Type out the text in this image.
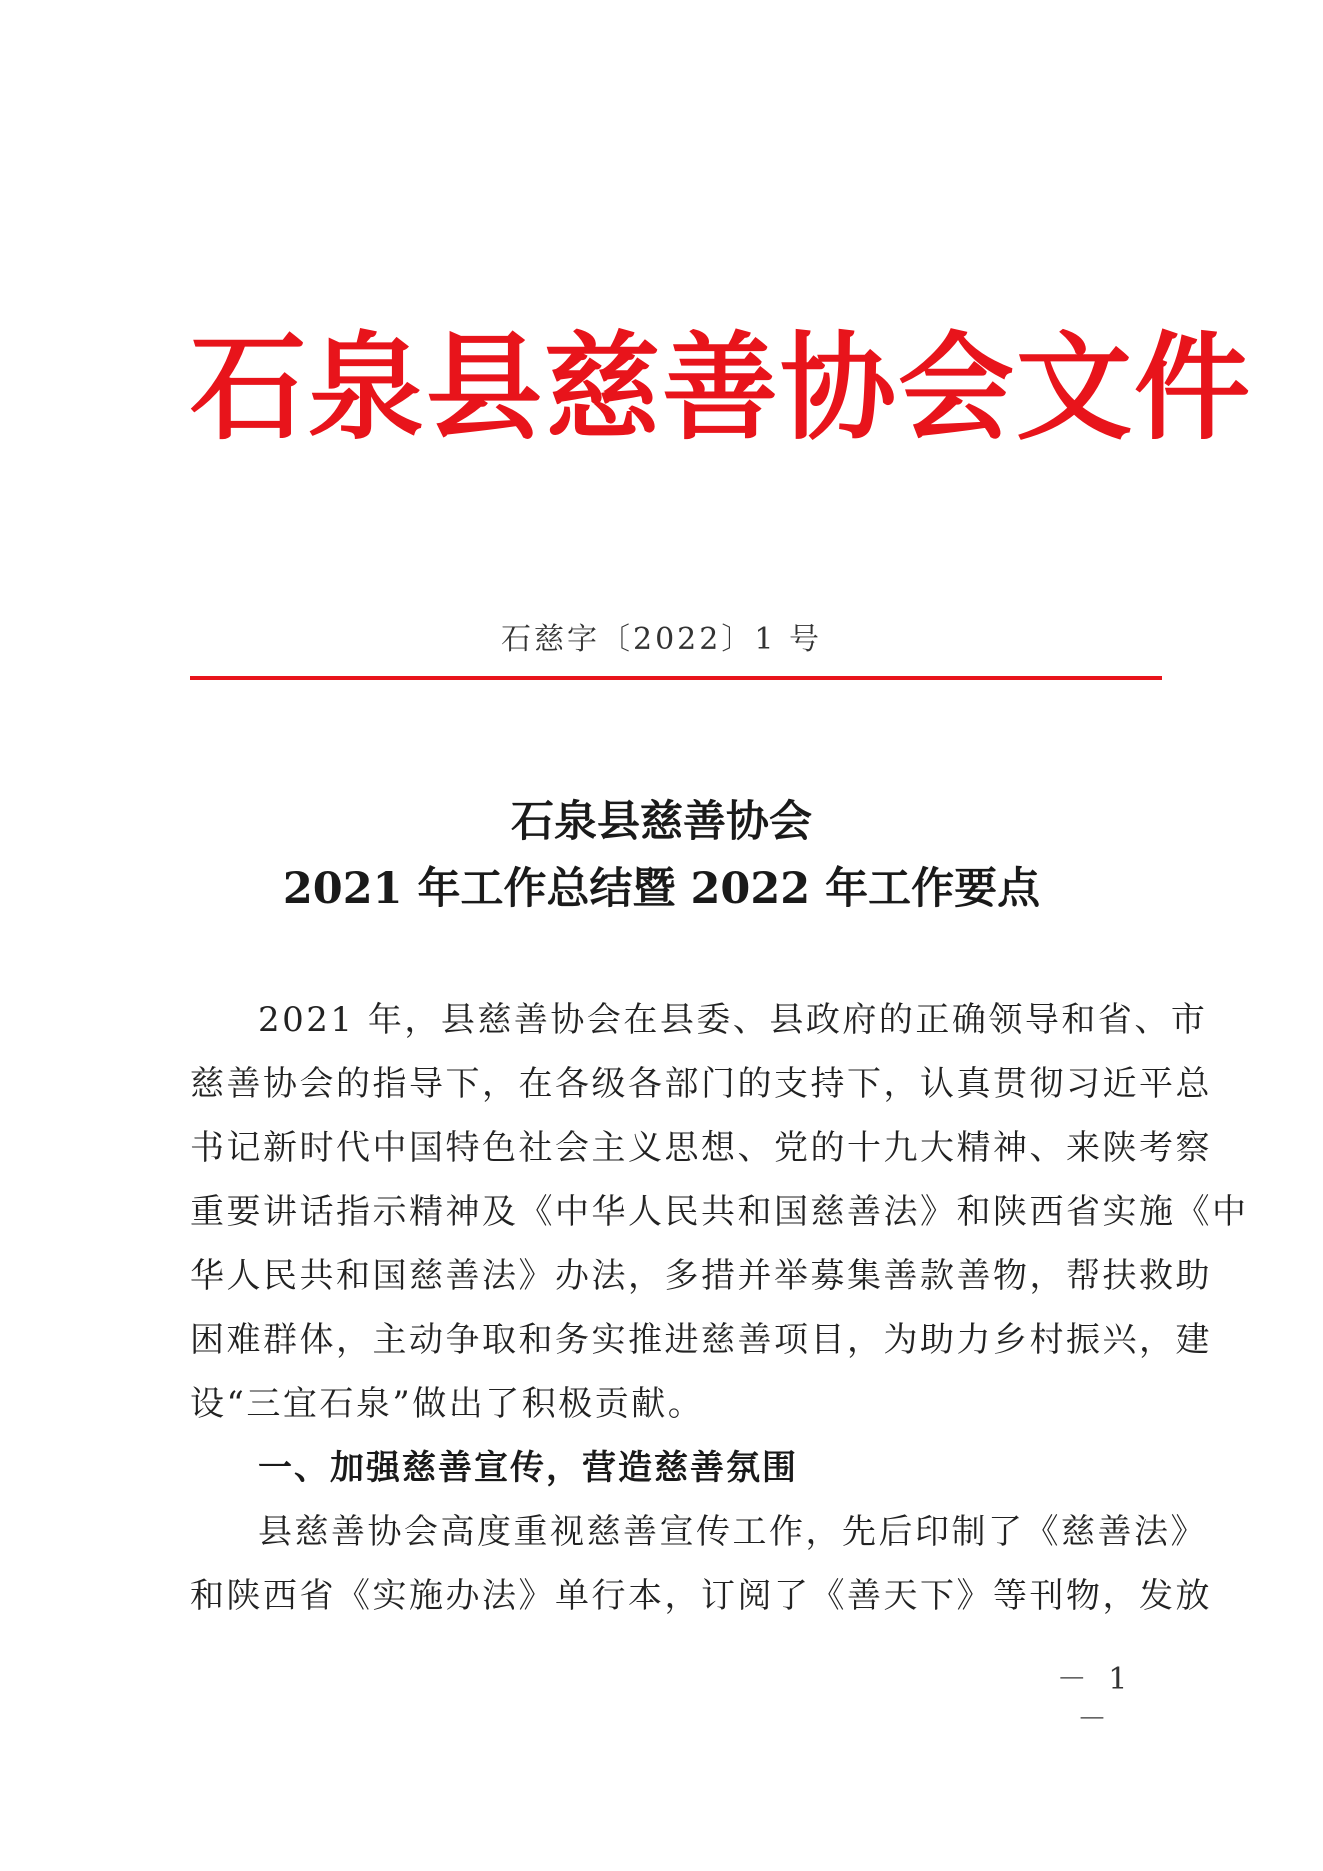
石泉县慈善协会文件
石慈字〔2022〕1 号
石泉县慈善协会
2021 年工作总结暨 2022 年工作要点
2021 年，县慈善协会在县委、县政府的正确领导和省、市
慈善协会的指导下，在各级各部门的支持下，认真贯彻习近平总
书记新时代中国特色社会主义思想、党的十九大精神、来陕考察
重要讲话指示精神及《中华人民共和国慈善法》和陕西省实施《中
华人民共和国慈善法》办法，多措并举募集善款善物，帮扶救助
困难群体，主动争取和务实推进慈善项目，为助力乡村振兴，建
设“三宜石泉”做出了积极贡献。
一、加强慈善宣传，营造慈善氛围
县慈善协会高度重视慈善宣传工作，先后印制了《慈善法》
和陕西省《实施办法》单行本，订阅了《善天下》等刊物，发放
－ 1 －
